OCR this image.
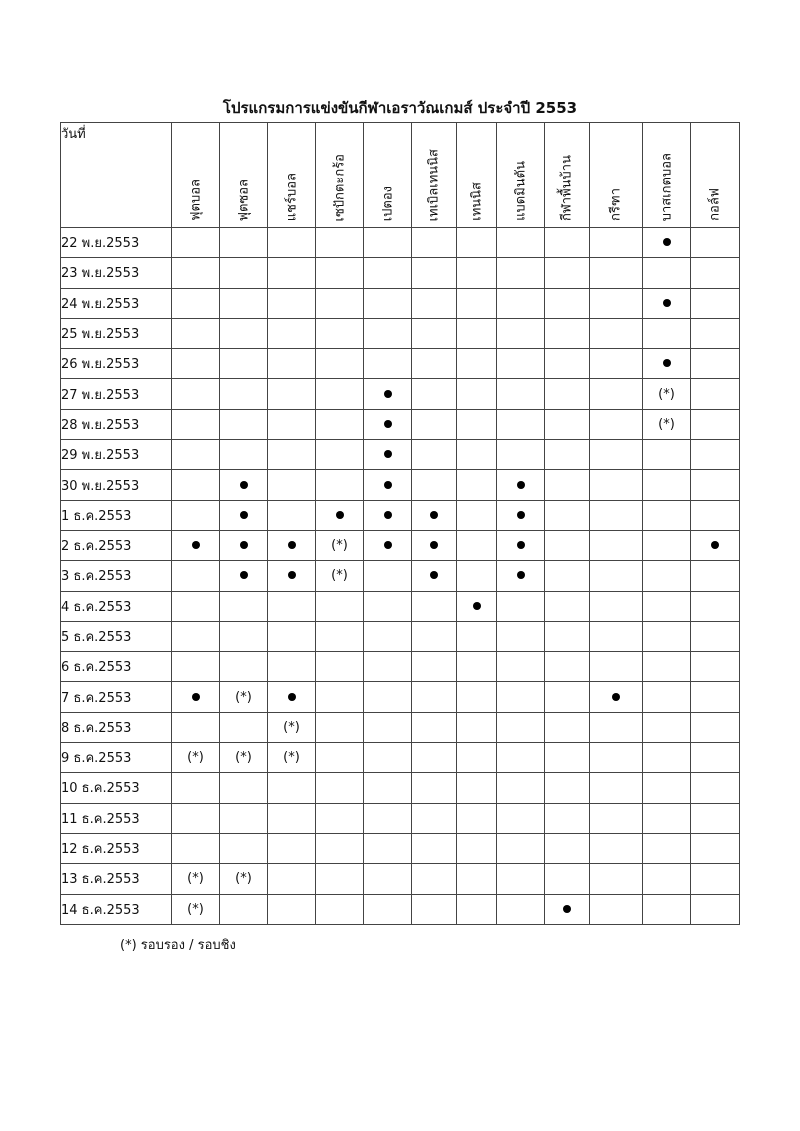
โปรแกรมการแข่งขันกีฬาเอราวัณเกมส์ ประจำปี 2553
วันที่	ฟุตบอล	ฟุตซอล	แชร์บอล	เซปักตะกร้อ	เปตอง	เทเบิลเทนนิส	เทนนิส	แบดมินตัน	กีฬาพื้นบ้าน	กรีฑา	บาสเกตบอล	กอล์ฟ

22 พ.ย.2553												
23 พ.ย.2553												
24 พ.ย.2553												
25 พ.ย.2553												
26 พ.ย.2553												
27 พ.ย.2553											(*)	
28 พ.ย.2553											(*)	
29 พ.ย.2553												
30 พ.ย.2553												
1 ธ.ค.2553												
2 ธ.ค.2553				(*)								
3 ธ.ค.2553				(*)								
4 ธ.ค.2553												
5 ธ.ค.2553												
6 ธ.ค.2553												
7 ธ.ค.2553		(*)										
8 ธ.ค.2553			(*)									
9 ธ.ค.2553	(*)	(*)	(*)									
10 ธ.ค.2553												
11 ธ.ค.2553												
12 ธ.ค.2553												
13 ธ.ค.2553	(*)	(*)										
14 ธ.ค.2553	(*)											
(*) รอบรอง / รอบชิง
